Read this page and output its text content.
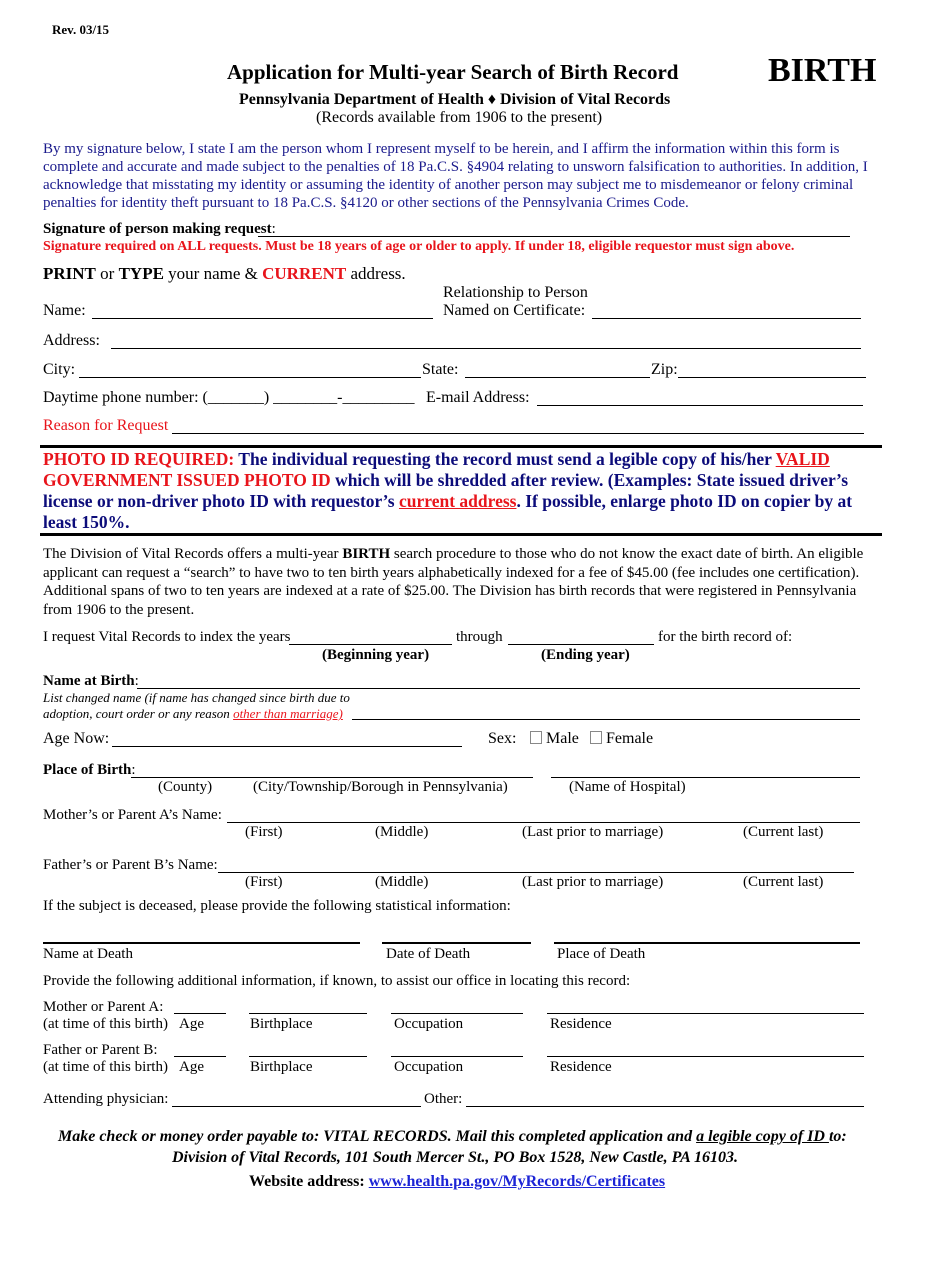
Rev. 03/15
Application for Multi-year Search of Birth Record	BIRTH
Pennsylvania Department of Health ♦ Division of Vital Records
(Records available from 1906 to the present)
By my signature below, I state I am the person whom I represent myself to be herein, and I affirm the information within this form is complete and accurate and made subject to the penalties of 18 Pa.C.S. §4904 relating to unsworn falsification to authorities. In addition, I acknowledge that misstating my identity or assuming the identity of another person may subject me to misdemeanor or felony criminal penalties for identity theft pursuant to 18 Pa.C.S. §4120 or other sections of the Pennsylvania Crimes Code.
Signature of person making request:
Signature required on ALL requests. Must be 18 years of age or older to apply. If under 18, eligible requestor must sign above.
PRINT or TYPE your name & CURRENT address.
Relationship to Person
Name:	Named on Certificate:
Address:
City:	State:	Zip:
Daytime phone number: (_______) ________-_________ E-mail Address:
Reason for Request
PHOTO ID REQUIRED: The individual requesting the record must send a legible copy of his/her VALID GOVERNMENT ISSUED PHOTO ID which will be shredded after review. (Examples: State issued driver’s license or non-driver photo ID with requestor’s current address. If possible, enlarge photo ID on copier by at least 150%.
The Division of Vital Records offers a multi-year BIRTH search procedure to those who do not know the exact date of birth. An eligible applicant can request a “search” to have two to ten birth years alphabetically indexed for a fee of $45.00 (fee includes one certification). Additional spans of two to ten years are indexed at a rate of $25.00. The Division has birth records that were registered in Pennsylvania from 1906 to the present.
I request Vital Records to index the years	through	for the birth record of:
(Beginning year)	(Ending year)
Name at Birth:
List changed name (if name has changed since birth due to
adoption, court order or any reason other than marriage)
Age Now:	Sex:	Male	Female
Place of Birth:
(County)	(City/Township/Borough in Pennsylvania)	(Name of Hospital)
Mother’s or Parent A’s Name:
(First)	(Middle)	(Last prior to marriage)	(Current last)
Father’s or Parent B’s Name:
(First)	(Middle)	(Last prior to marriage)	(Current last)
If the subject is deceased, please provide the following statistical information:
Name at Death	Date of Death	Place of Death
Provide the following additional information, if known, to assist our office in locating this record:
Mother or Parent A:
(at time of this birth) Age	Birthplace	Occupation	Residence
Father or Parent B:
(at time of this birth) Age	Birthplace	Occupation	Residence
Attending physician:	Other:
Make check or money order payable to: VITAL RECORDS. Mail this completed application and a legible copy of ID to:
Division of Vital Records, 101 South Mercer St., PO Box 1528, New Castle, PA 16103.
Website address: www.health.pa.gov/MyRecords/Certificates
